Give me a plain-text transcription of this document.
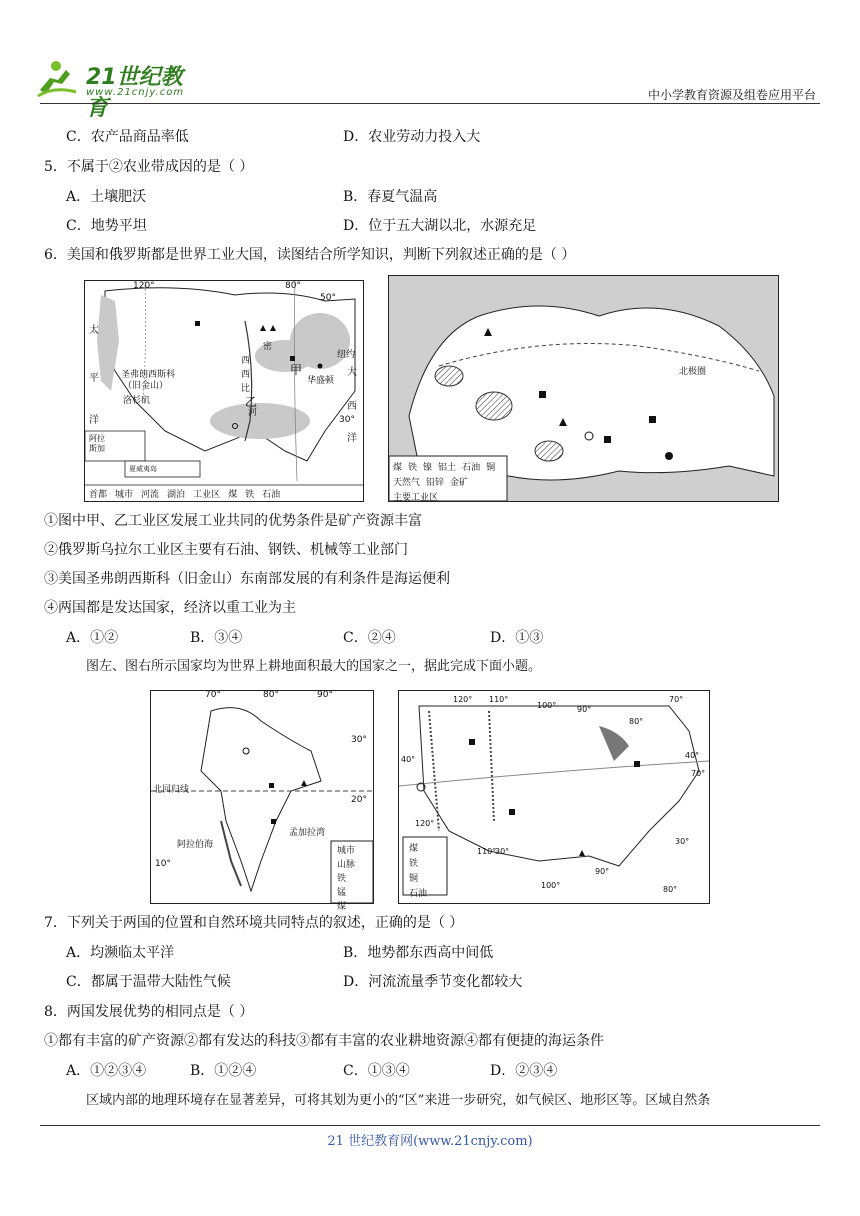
21世纪教育
www.21cnjy.com	中小学教育资源及组卷应用平台
C．农产品商品率低	D．农业劳动力投入大
5．不属于②农业带成因的是（ ）
A．土壤肥沃	B．春夏气温高
C．地势平坦	D．位于五大湖以北，水源充足
6．美国和俄罗斯都是世界工业大国，读图结合所学知识，判断下列叙述正确的是（ ）
120°	80°
50°
30°
太
平
洋
大
西
洋
圣弗朗西斯科
（旧金山）
洛杉矶
阿拉
斯加
密
西
西
比
河
甲
乙
纽约
华盛顿
夏威夷岛
首都 城市 河流 湖泊 工业区 煤 铁 石油
北极圈
煤 铁 镍 铝土 石油 铜
天然气 铅锌 金矿
主要工业区
①图中甲、乙工业区发展工业共同的优势条件是矿产资源丰富
②俄罗斯乌拉尔工业区主要有石油、钢铁、机械等工业部门
③美国圣弗朗西斯科（旧金山）东南部发展的有利条件是海运便利
④两国都是发达国家，经济以重工业为主
A．①②	B．③④	C．②④	D．①③
图左、图右所示国家均为世界上耕地面积最大的国家之一，据此完成下面小题。
70°	80°	90°
30°
20°
10°
北回归线
阿拉伯海
孟加拉湾
城市
山脉
铁
锰
煤
120° 110°
100°	90°
80°
70°
40°
30°
120°
110°
30°
100°
90°
80°
40°
70°
煤
铁
铜
石油
7．下列关于两国的位置和自然环境共同特点的叙述，正确的是（ ）
A．均濒临太平洋	B．地势都东西高中间低
C．都属于温带大陆性气候	D．河流流量季节变化都较大
8．两国发展优势的相同点是（ ）
①都有丰富的矿产资源②都有发达的科技③都有丰富的农业耕地资源④都有便捷的海运条件
A．①②③④	B．①②④	C．①③④	D．②③④
区域内部的地理环境存在显著差异，可将其划为更小的“区”来进一步研究，如气候区、地形区等。区域自然条
21 世纪教育网(www.21cnjy.com)
